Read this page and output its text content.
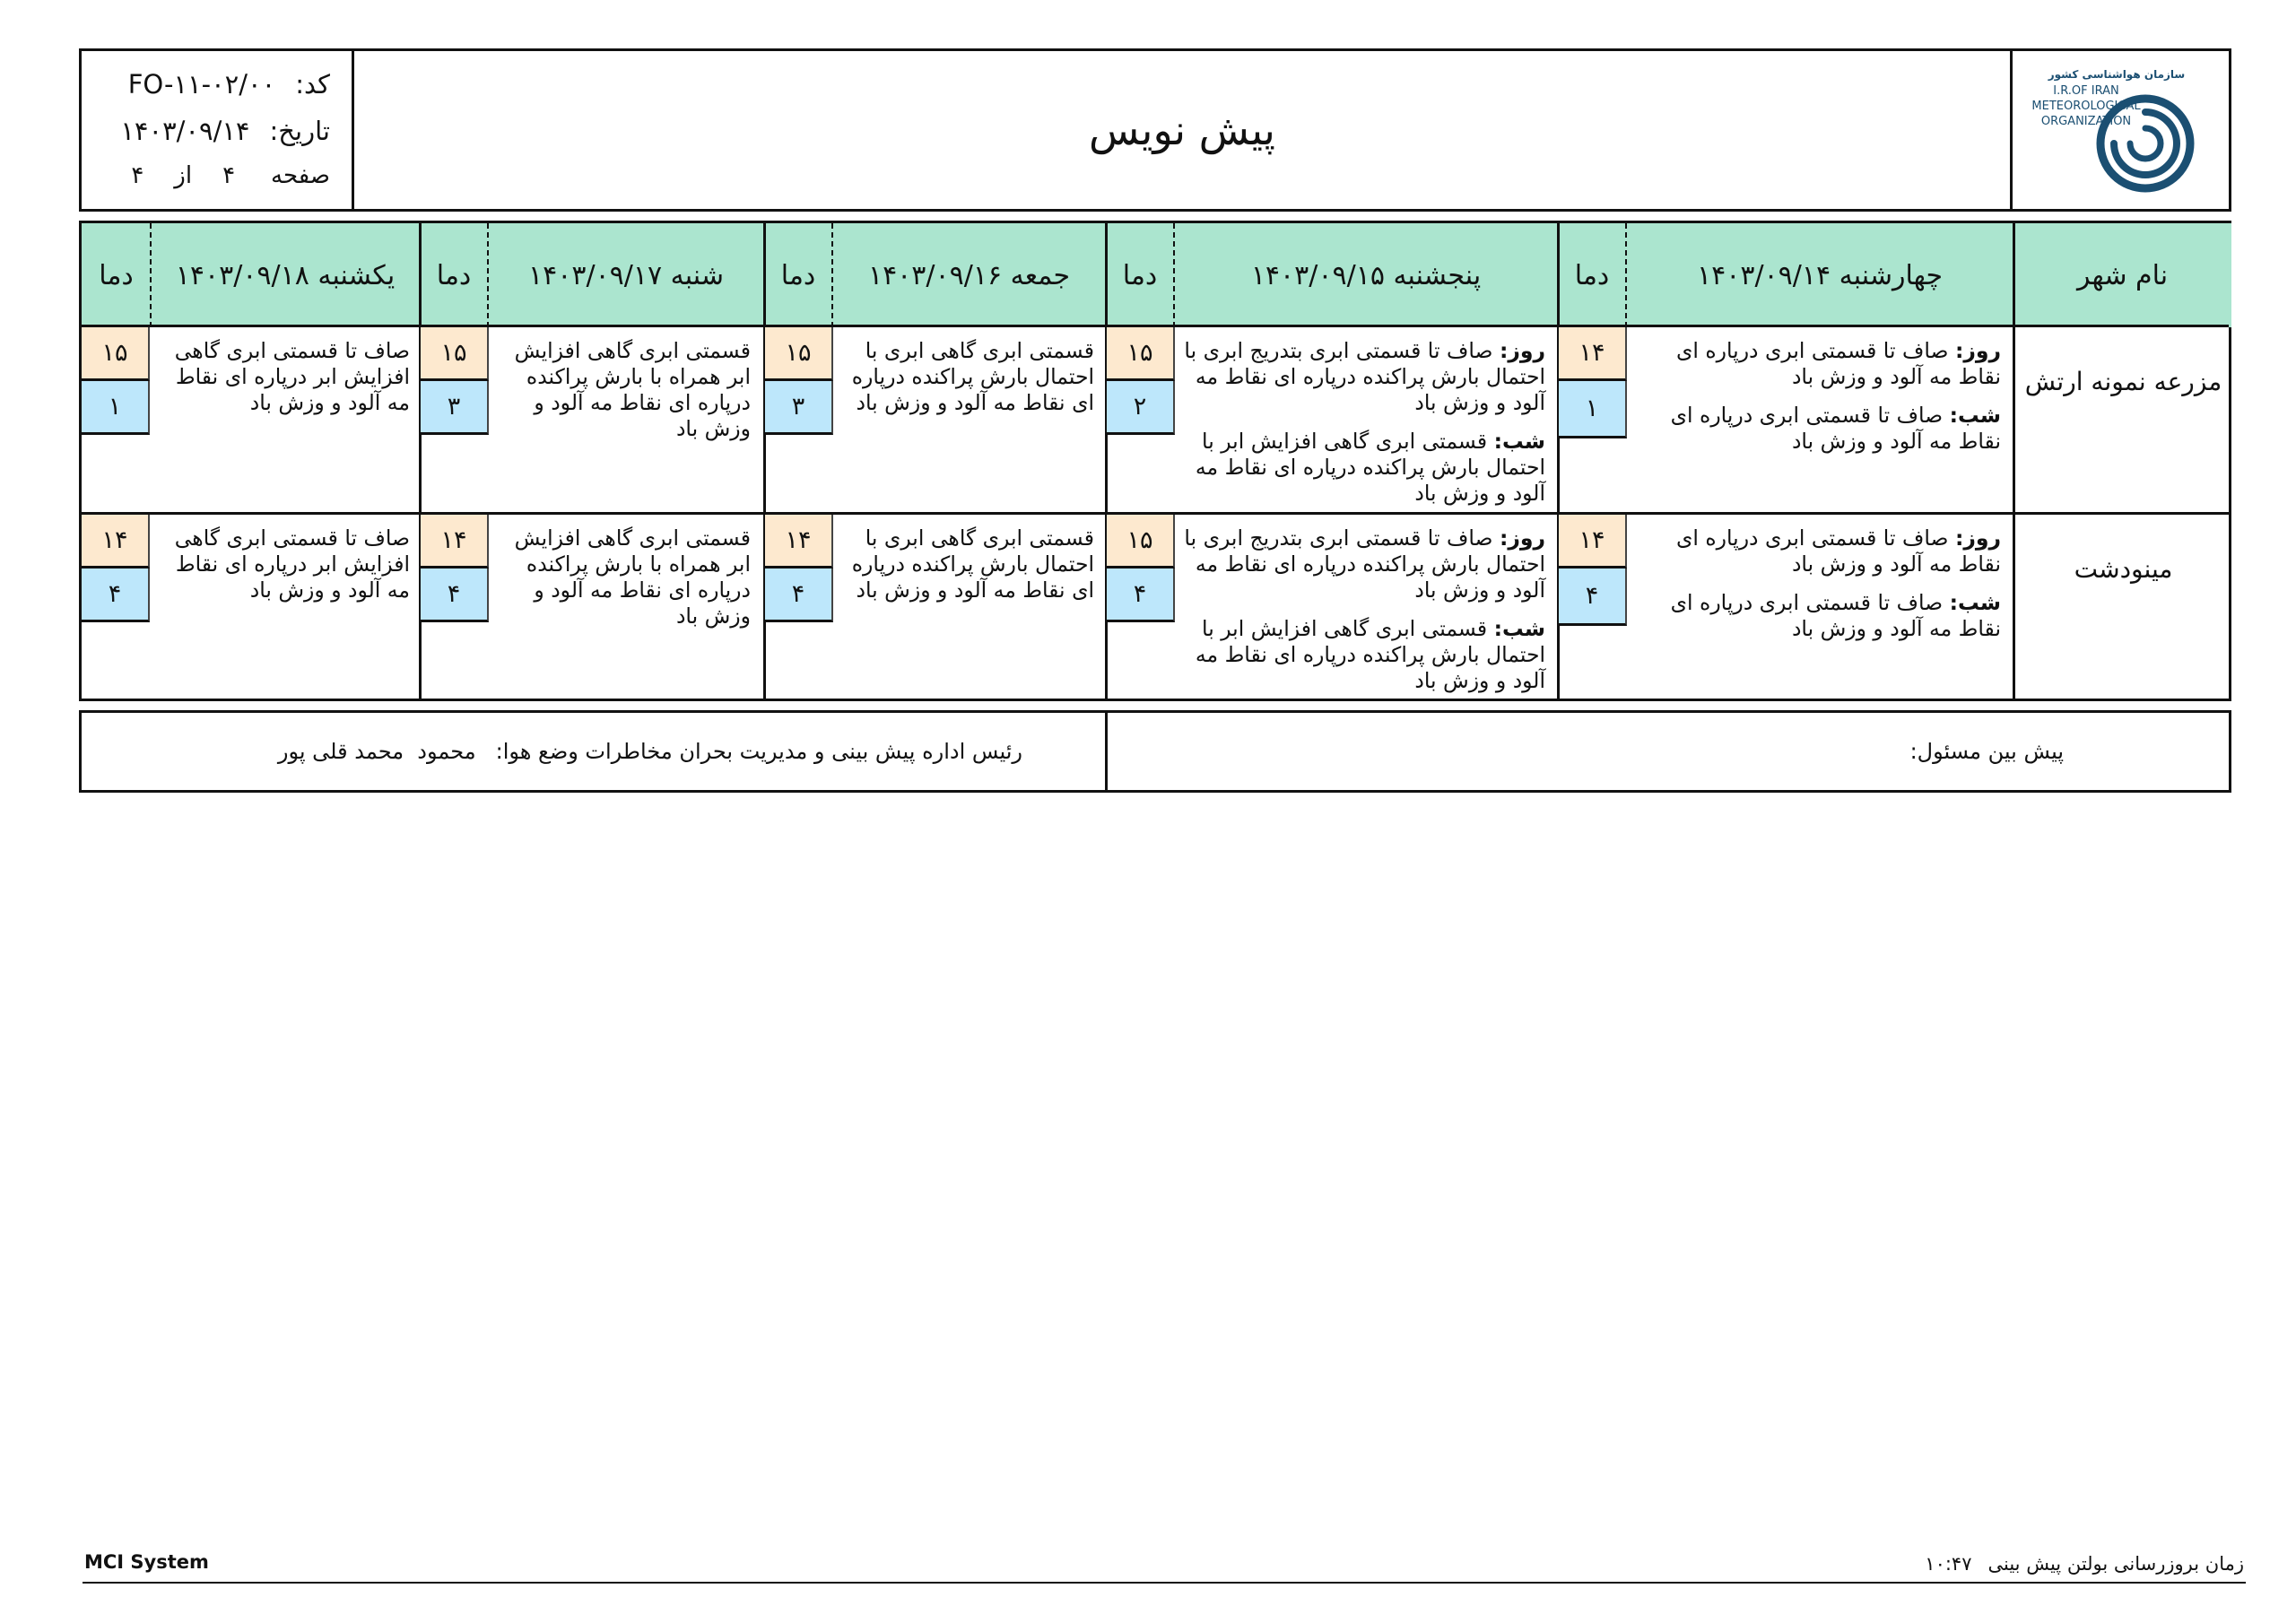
سازمان هواشناسی کشور
I.R.OF IRAN
METEOROLOGICAL
ORGANIZATION
پیش نویس
کد:FO-۱۱-۰۲/۰۰
تاریخ:۱۴۰۳/۰۹/۱۴
صفحه۴از۴
نام شهر
چهارشنبه ۱۴۰۳/۰۹/۱۴
دما
پنجشنبه ۱۴۰۳/۰۹/۱۵
دما
جمعه ۱۴۰۳/۰۹/۱۶
دما
شنبه ۱۴۰۳/۰۹/۱۷
دما
یکشنبه ۱۴۰۳/۰۹/۱۸
دما
مزرعه نمونه ارتش

روز: صاف تا قسمتی ابری درپاره ای نقاط مه آلود و وزش باد

شب: صاف تا قسمتی ابری درپاره ای نقاط مه آلود و وزش باد

۱۴
۱

روز: صاف تا قسمتی ابری بتدریج ابری با احتمال بارش پراکنده درپاره ای نقاط مه آلود و وزش باد

شب: قسمتی ابری گاهی افزایش ابر با احتمال بارش پراکنده درپاره ای نقاط مه آلود و وزش باد

۱۵
۲

قسمتی ابری گاهی ابری با احتمال بارش پراکنده درپاره ای نقاط مه آلود و وزش باد

۱۵
۳

قسمتی ابری گاهی افزایش ابر همراه با بارش پراکنده درپاره ای نقاط مه آلود و وزش باد

۱۵
۳

صاف تا قسمتی ابری گاهی افزایش ابر درپاره ای نقاط مه آلود و وزش باد

۱۵
۱
مینودشت

روز: صاف تا قسمتی ابری درپاره ای نقاط مه آلود و وزش باد

شب: صاف تا قسمتی ابری درپاره ای نقاط مه آلود و وزش باد

۱۴
۴

روز: صاف تا قسمتی ابری بتدریج ابری با احتمال بارش پراکنده درپاره ای نقاط مه آلود و وزش باد

شب: قسمتی ابری گاهی افزایش ابر با احتمال بارش پراکنده درپاره ای نقاط مه آلود و وزش باد

۱۵
۴

قسمتی ابری گاهی ابری با احتمال بارش پراکنده درپاره ای نقاط مه آلود و وزش باد

۱۴
۴

قسمتی ابری گاهی افزایش ابر همراه با بارش پراکنده درپاره ای نقاط مه آلود و وزش باد

۱۴
۴

صاف تا قسمتی ابری گاهی افزایش ابر درپاره ای نقاط مه آلود و وزش باد

۱۴
۴
پیش بین مسئول:
رئیس اداره پیش بینی و مدیریت بحران مخاطرات وضع هوا:
محمود  محمد قلی پور
زمان بروزرسانی بولتن پیش بینی۱۰:۴۷
MCI System
